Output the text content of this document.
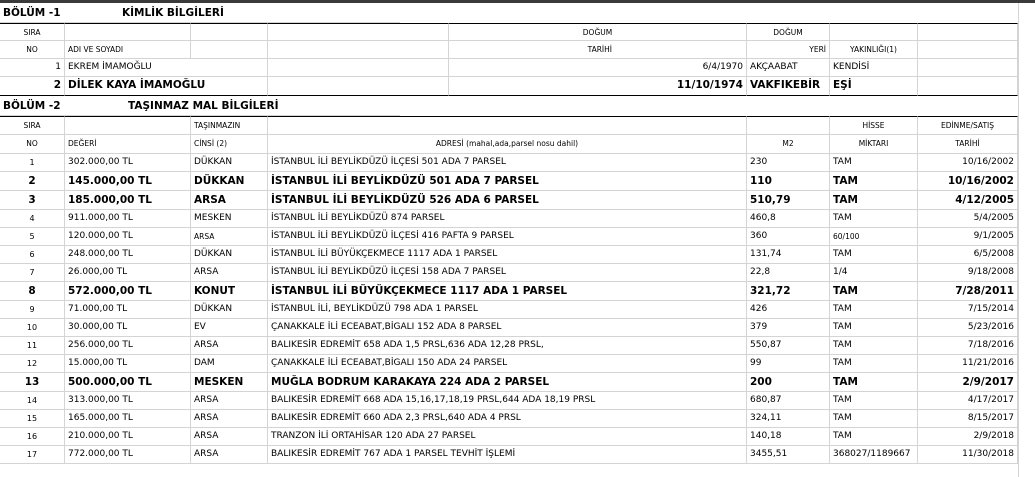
BÖLÜM -1	KİMLİK BİLGİLERİ
SIRA	DOĞUM	DOĞUM
NO	ADI VE SOYADI	TARİHİ	YERİ	YAKINLIĞI(1)
1 EKREM İMAMOĞLU	6/4/1970 AKÇAABAT	KENDİSİ
2 DİLEK KAYA İMAMOĞLU	11/10/1974 VAKFIKEBİR	EŞİ
BÖLÜM -2	TAŞINMAZ MAL BİLGİLERİ
SIRA	TAŞINMAZIN	HİSSE	EDİNME/SATIŞ
NO	DEĞERİ	CİNSİ (2)	ADRESİ (mahal,ada,parsel nosu dahil)	M2	MİKTARI	TARİHİ
1	302.000,00 TL	DÜKKAN	İSTANBUL İLİ BEYLİKDÜZÜ İLÇESİ 501 ADA 7 PARSEL	230	TAM	10/16/2002
2	145.000,00 TL	DÜKKAN	İSTANBUL İLİ BEYLİKDÜZÜ 501 ADA 7 PARSEL	110	TAM	10/16/2002
3	185.000,00 TL	ARSA	İSTANBUL İLİ BEYLİKDÜZÜ 526 ADA 6 PARSEL	510,79	TAM	4/12/2005
4	911.000,00 TL	MESKEN	İSTANBUL İLİ BEYLİKDÜZÜ 874 PARSEL	460,8	TAM	5/4/2005
5	120.000,00 TL	ARSA	İSTANBUL İLİ BEYLİKDÜZÜ İLÇESİ 416 PAFTA 9 PARSEL	360	60/100	9/1/2005
6	248.000,00 TL	DÜKKAN	İSTANBUL İLİ BÜYÜKÇEKMECE 1117 ADA 1 PARSEL	131,74	TAM	6/5/2008
7	26.000,00 TL	ARSA	İSTANBUL İLİ BEYLİKDÜZÜ İLÇESİ 158 ADA 7 PARSEL	22,8	1/4	9/18/2008
8	572.000,00 TL	KONUT	İSTANBUL İLİ BÜYÜKÇEKMECE 1117 ADA 1 PARSEL	321,72	TAM	7/28/2011
9	71.000,00 TL	DÜKKAN	İSTANBUL İLİ, BEYLİKDÜZÜ 798 ADA 1 PARSEL	426	TAM	7/15/2014
10	30.000,00 TL	EV	ÇANAKKALE İLİ ECEABAT,BİGALI 152 ADA 8 PARSEL	379	TAM	5/23/2016
11	256.000,00 TL	ARSA	BALIKESİR EDREMİT 658 ADA 1,5 PRSL,636 ADA 12,28 PRSL,	550,87	TAM	7/18/2016
12	15.000,00 TL	DAM	ÇANAKKALE İLİ ECEABAT,BİGALI 150 ADA 24 PARSEL	99	TAM	11/21/2016
13	500.000,00 TL	MESKEN	MUĞLA BODRUM KARAKAYA 224 ADA 2 PARSEL	200	TAM	2/9/2017
14	313.000,00 TL	ARSA	BALIKESİR EDREMİT 668 ADA 15,16,17,18,19 PRSL,644 ADA 18,19 PRSL	680,87	TAM	4/17/2017
15	165.000,00 TL	ARSA	BALIKESİR EDREMİT 660 ADA 2,3 PRSL,640 ADA 4 PRSL	324,11	TAM	8/15/2017
16	210.000,00 TL	ARSA	TRANZON İLİ ORTAHİSAR 120 ADA 27 PARSEL	140,18	TAM	2/9/2018
17	772.000,00 TL	ARSA	BALIKESİR EDREMİT 767 ADA 1 PARSEL TEVHİT İŞLEMİ	3455,51	368027/1189667	11/30/2018
